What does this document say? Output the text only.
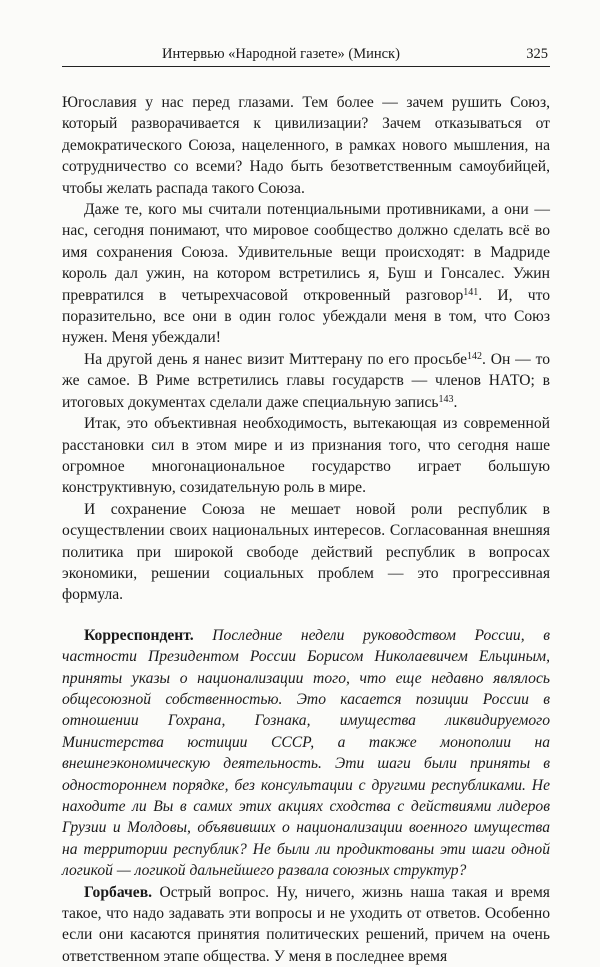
Интервью «Народной газете» (Минск)	325

Югославия у нас перед глазами. Тем более — зачем рушить Союз, который разворачивается к цивилизации? Зачем отказываться от демократического Союза, нацеленного, в рамках нового мышления, на сотрудничество со всеми? Надо быть безответственным самоубийцей, чтобы желать распада такого Союза.

Даже те, кого мы считали потенциальными противниками, а они — нас, сегодня понимают, что мировое сообщество должно сделать всё во имя сохранения Союза. Удивительные вещи происходят: в Мадриде король дал ужин, на котором встретились я, Буш и Гонсалес. Ужин превратился в четырехчасовой откровенный разговор$^{141}$. И, что поразительно, все они в один голос убеждали меня в том, что Союз нужен. Меня убеждали!

На другой день я нанес визит Миттерану по его просьбе$^{142}$. Он — то же самое. В Риме встретились главы государств — членов НАТО; в итоговых документах сделали даже специальную запись$^{143}$.

Итак, это объективная необходимость, вытекающая из современной расстановки сил в этом мире и из признания того, что сегодня наше огромное многонациональное государство играет большую конструктивную, созидательную роль в мире.

И сохранение Союза не мешает новой роли республик в осуществлении своих национальных интересов. Согласованная внешняя политика при широкой свободе действий республик в вопросах экономики, решении социальных проблем — это прогрессивная формула.

Корреспондент. Последние недели руководством России, в частности Президентом России Борисом Николаевичем Ельциным, приняты указы о национализации того, что еще недавно являлось общесоюзной собственностью. Это касается позиции России в отношении Гохрана, Гознака, имущества ликвидируемого Министерства юстиции СССР, а также монополии на внешнеэкономическую деятельность. Эти шаги были приняты в одностороннем порядке, без консультации с другими республиками. Не находите ли Вы в самих этих акциях сходства с действиями лидеров Грузии и Молдовы, объявивших о национализации военного имущества на территории республик? Не были ли продиктованы эти шаги одной логикой — логикой дальнейшего развала союзных структур?

Горбачев. Острый вопрос. Ну, ничего, жизнь наша такая и время такое, что надо задавать эти вопросы и не уходить от ответов. Особенно если они касаются принятия политических решений, причем на очень ответственном этапе общества. У меня в последнее время
